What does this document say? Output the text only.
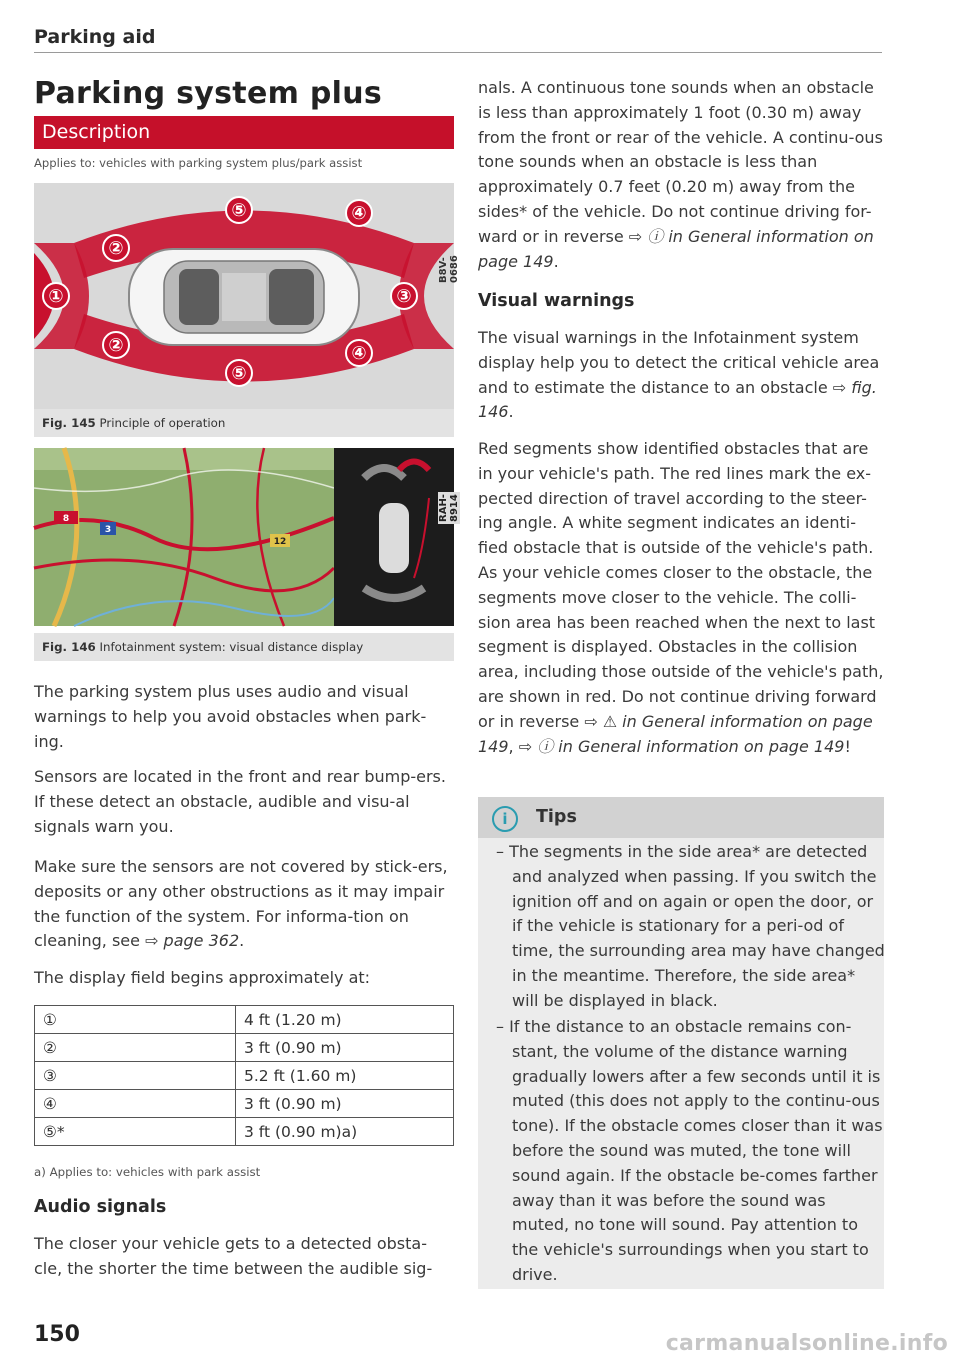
Parking aid
Parking system plus
Description
Applies to: vehicles with parking system plus/park assist
①
②
②
③
④
④
⑤
⑤
B8V-0686
Fig. 145 Principle of operation
8
3
12
RAH-8914
Fig. 146 Infotainment system: visual distance display

The parking system plus uses audio and visual warnings to help you avoid obstacles when park-ing.

Sensors are located in the front and rear bump-ers. If these detect an obstacle, audible and visu-al signals warn you.

Make sure the sensors are not covered by stick-ers, deposits or any other obstructions as it may impair the function of the system. For informa-tion on cleaning, see ⇨ page 362.

The display field begins approximately at:

①	4 ft (1.20 m)
②	3 ft (0.90 m)
③	5.2 ft (1.60 m)
④	3 ft (0.90 m)
⑤*	3 ft (0.90 m)a)
a) Applies to: vehicles with park assist
Audio signals

The closer your vehicle gets to a detected obsta-cle, the shorter the time between the audible sig-

150

nals. A continuous tone sounds when an obstacle is less than approximately 1 foot (0.30 m) away from the front or rear of the vehicle. A continu-ous tone sounds when an obstacle is less than approximately 0.7 feet (0.20 m) away from the sides* of the vehicle. Do not continue driving for-ward or in reverse ⇨ ⓘ in General information on page 149.

Visual warnings

The visual warnings in the Infotainment system display help you to detect the critical vehicle area and to estimate the distance to an obstacle ⇨ fig. 146.

Red segments show identified obstacles that are in your vehicle's path. The red lines mark the ex-pected direction of travel according to the steer-ing angle. A white segment indicates an identi-fied obstacle that is outside of the vehicle's path. As your vehicle comes closer to the obstacle, the segments move closer to the vehicle. The colli-sion area has been reached when the next to last segment is displayed. Obstacles in the collision area, including those outside of the vehicle's path, are shown in red. Do not continue driving forward or in reverse ⇨ ⚠ in General information on page 149, ⇨ ⓘ in General information on page 149!

i	Tips
– The segments in the side area* are detected and analyzed when passing. If you switch the ignition off and on again or open the door, or if the vehicle is stationary for a peri-od of time, the surrounding area may have changed in the meantime. Therefore, the side area* will be displayed in black.
– If the distance to an obstacle remains con-stant, the volume of the distance warning gradually lowers after a few seconds until it is muted (this does not apply to the continu-ous tone). If the obstacle comes closer than it was before the sound was muted, the tone will sound again. If the obstacle be-comes farther away than it was before the sound was muted, no tone will sound. Pay attention to the vehicle's surroundings when you start to drive.
carmanualsonline.info
